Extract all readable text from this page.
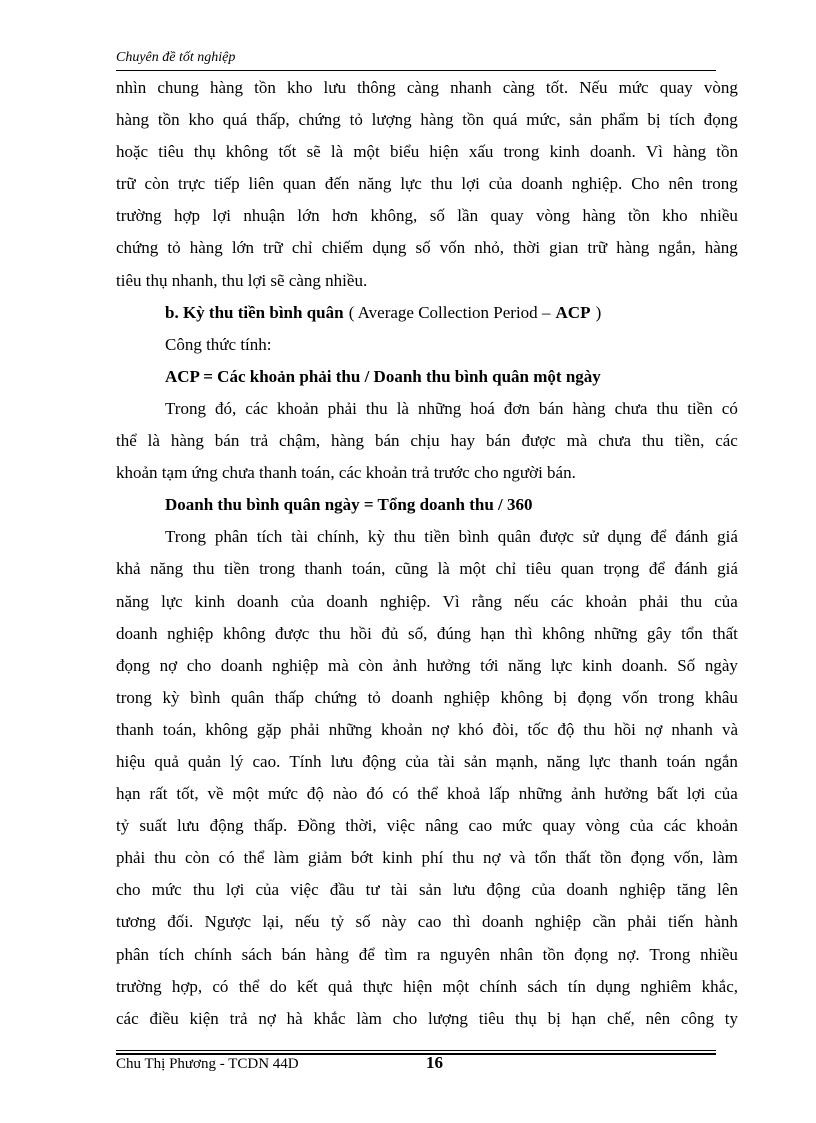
Chuyên đề tốt nghiệp
nhìn chung hàng tồn kho lưu thông càng nhanh càng tốt. Nếu mức quay vòng
hàng tồn kho quá thấp, chứng tỏ lượng hàng tồn quá mức, sản phẩm bị tích đọng
hoặc tiêu thụ không tốt sẽ là một biểu hiện xấu trong kinh doanh. Vì hàng tồn
trữ còn trực tiếp liên quan đến năng lực thu lợi của doanh nghiệp. Cho nên trong
trường hợp lợi nhuận lớn hơn không, số lần quay vòng hàng tồn kho nhiều
chứng tỏ hàng lớn trữ chỉ chiếm dụng số vốn nhỏ, thời gian trữ hàng ngắn, hàng
tiêu thụ nhanh, thu lợi sẽ càng nhiều.
b. Kỳ thu tiền bình quân ( Average Collection Period – ACP )
Công thức tính:
ACP = Các khoản phải thu / Doanh thu bình quân một ngày
Trong đó, các khoản phải thu là những hoá đơn bán hàng chưa thu tiền có
thể là hàng bán trả chậm, hàng bán chịu hay bán được mà chưa thu tiền, các
khoản tạm ứng chưa thanh toán, các khoản trả trước cho người bán.
Doanh thu bình quân ngày = Tổng doanh thu / 360
Trong phân tích tài chính, kỳ thu tiền bình quân được sử dụng để đánh giá
khả năng thu tiền trong thanh toán, cũng là một chỉ tiêu quan trọng để đánh giá
năng lực kinh doanh của doanh nghiệp. Vì rằng nếu các khoản phải thu của
doanh nghiệp không được thu hồi đủ số, đúng hạn thì không những gây tổn thất
đọng nợ cho doanh nghiệp mà còn ảnh hưởng tới năng lực kinh doanh. Số ngày
trong kỳ bình quân thấp chứng tỏ doanh nghiệp không bị đọng vốn trong khâu
thanh toán, không gặp phải những khoản nợ khó đòi, tốc độ thu hồi nợ nhanh và
hiệu quả quản lý cao. Tính lưu động của tài sản mạnh, năng lực thanh toán ngắn
hạn rất tốt, về một mức độ nào đó có thể khoả lấp những ảnh hưởng bất lợi của
tỷ suất lưu động thấp. Đồng thời, việc nâng cao mức quay vòng của các khoản
phải thu còn có thể làm giảm bớt kinh phí thu nợ và tổn thất tồn đọng vốn, làm
cho mức thu lợi của việc đầu tư tài sản lưu động của doanh nghiệp tăng lên
tương đối. Ngược lại, nếu tỷ số này cao thì doanh nghiệp cần phải tiến hành
phân tích chính sách bán hàng để tìm ra nguyên nhân tồn đọng nợ. Trong nhiều
trường hợp, có thể do kết quả thực hiện một chính sách tín dụng nghiêm khắc,
các điều kiện trả nợ hà khắc làm cho lượng tiêu thụ bị hạn chế, nên công ty
Chu Thị Phương - TCDN 44D	16
